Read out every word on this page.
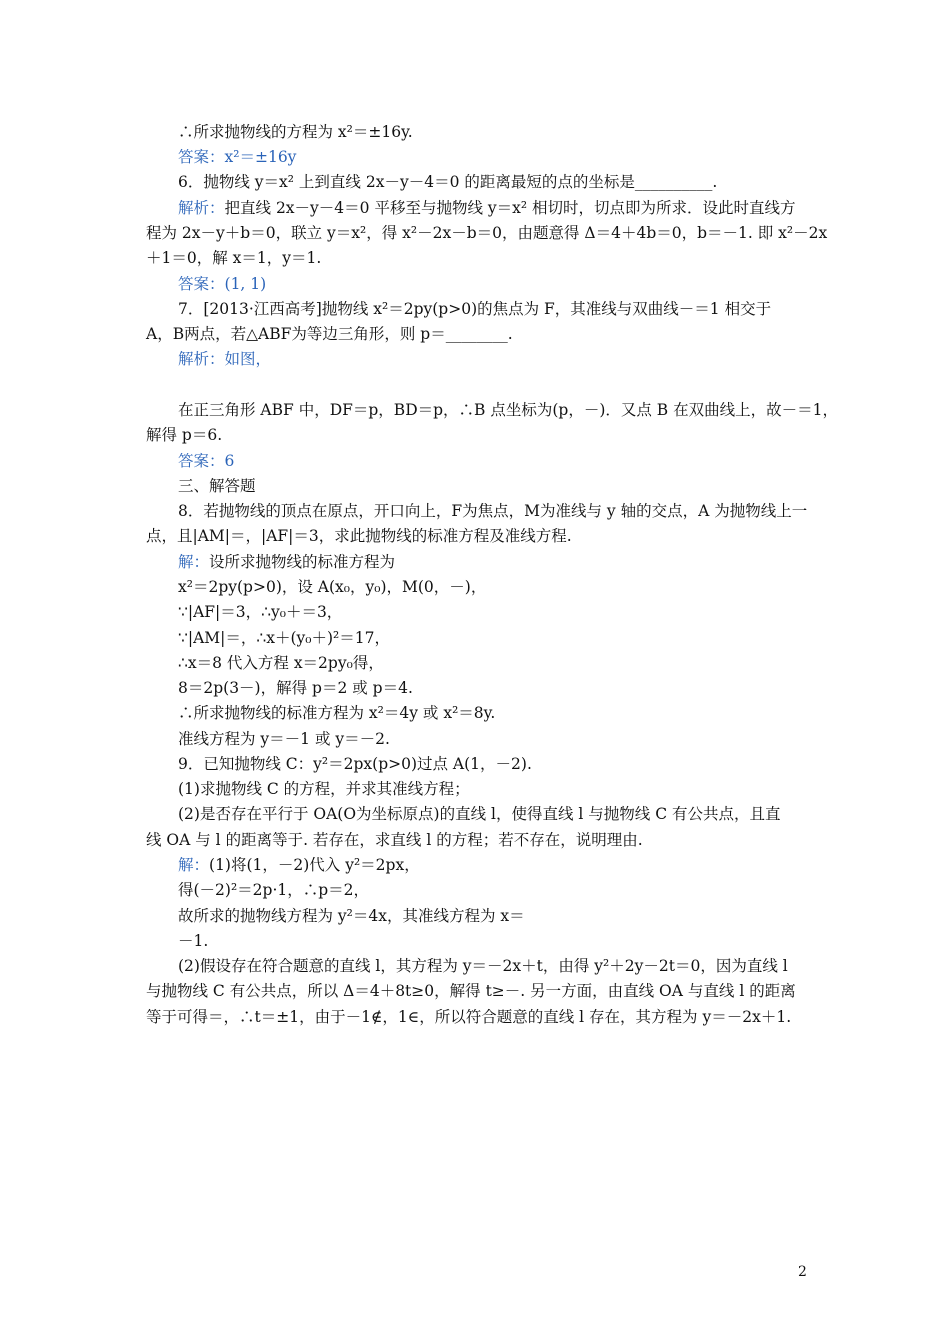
∴所求抛物线的方程为 x²＝±16y.
答案：x²＝±16y
6．抛物线 y＝x² 上到直线 2x－y－4＝0 的距离最短的点的坐标是__________.
解析：把直线 2x－y－4＝0 平移至与抛物线 y＝x² 相切时，切点即为所求．设此时直线方
程为 2x－y＋b＝0，联立 y＝x²，得 x²－2x－b＝0，由题意得 Δ＝4＋4b＝0，b＝－1. 即 x²－2x
＋1＝0，解 x＝1，y＝1.
答案：(1, 1)
7．[2013·江西高考]抛物线 x²＝2py(p>0)的焦点为 F，其准线与双曲线－＝1 相交于
A，B两点，若△ABF为等边三角形，则 p＝________.
解析：如图，
在正三角形 ABF 中，DF＝p，BD＝p，∴B 点坐标为(p，－)．又点 B 在双曲线上，故－＝1，
解得 p＝6.
答案：6
三、解答题
8．若抛物线的顶点在原点，开口向上，F为焦点，M为准线与 y 轴的交点，A 为抛物线上一
点，且|AM|＝，|AF|＝3，求此抛物线的标准方程及准线方程.
解：设所求抛物线的标准方程为
x²＝2py(p>0)，设 A(x₀，y₀)，M(0，－)，
∵|AF|＝3，∴y₀＋＝3，
∵|AM|＝，∴x＋(y₀＋)²＝17，
∴x＝8 代入方程 x＝2py₀得，
8＝2p(3－)，解得 p＝2 或 p＝4.
∴所求抛物线的标准方程为 x²＝4y 或 x²＝8y.
准线方程为 y＝－1 或 y＝－2.
9．已知抛物线 C：y²＝2px(p>0)过点 A(1，－2).
(1)求抛物线 C 的方程，并求其准线方程；
(2)是否存在平行于 OA(O为坐标原点)的直线 l，使得直线 l 与抛物线 C 有公共点，且直
线 OA 与 l 的距离等于. 若存在，求直线 l 的方程；若不存在，说明理由.
解：(1)将(1，－2)代入 y²＝2px，
得(－2)²＝2p·1，∴p＝2，
故所求的抛物线方程为 y²＝4x，其准线方程为 x＝
－1.
(2)假设存在符合题意的直线 l，其方程为 y＝－2x＋t，由得 y²＋2y－2t＝0，因为直线 l
与抛物线 C 有公共点，所以 Δ＝4＋8t≥0，解得 t≥－. 另一方面，由直线 OA 与直线 l 的距离
等于可得＝，∴t＝±1，由于－1∉，1∈，所以符合题意的直线 l 存在，其方程为 y＝－2x＋1.
2
